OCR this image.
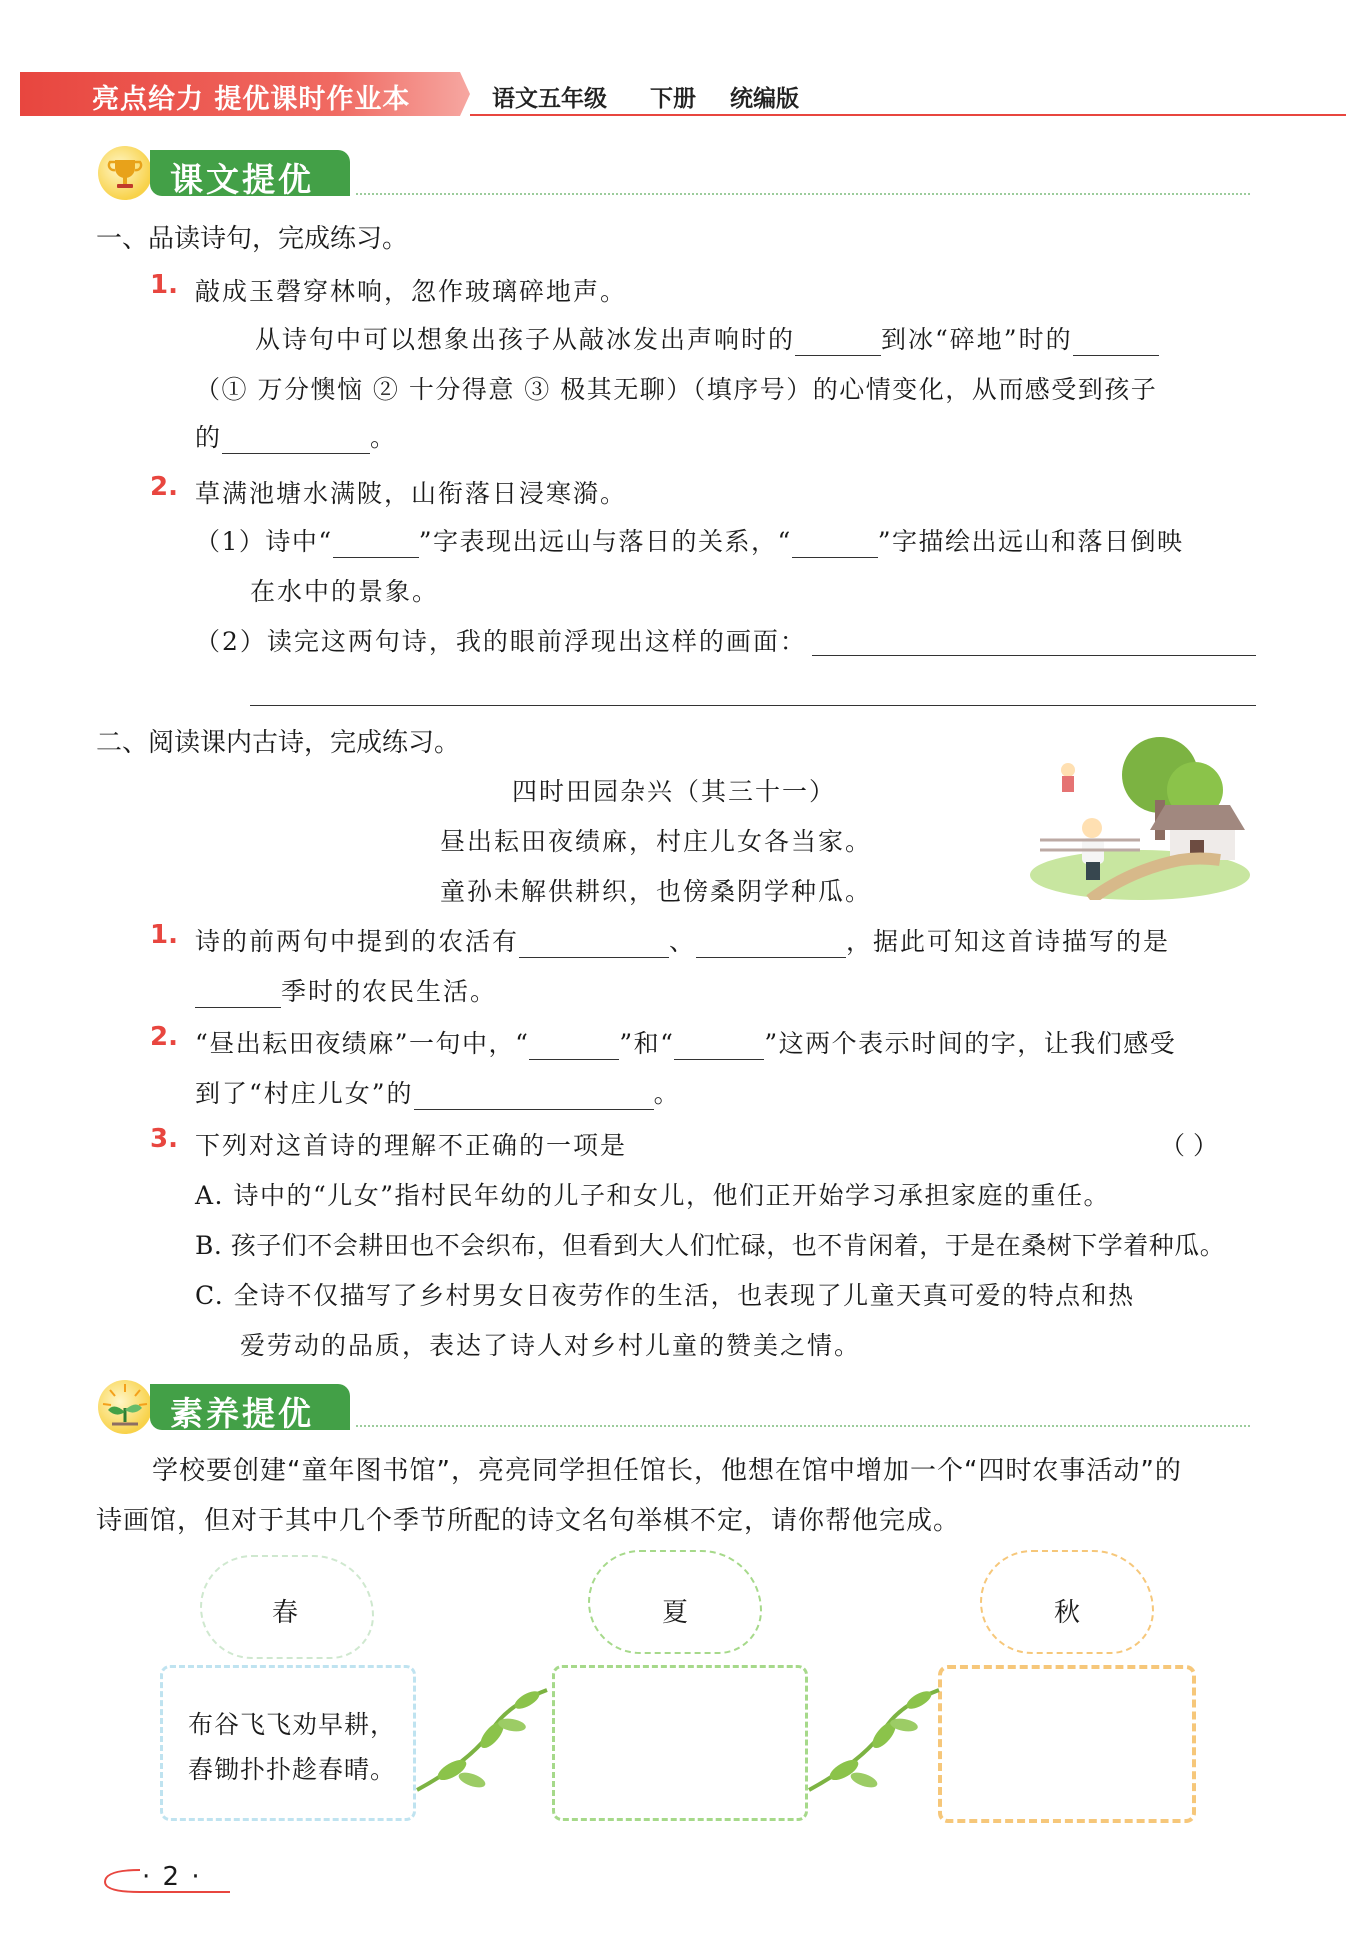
亮点给力 提优课时作业本	语文五年级 下册 统编版
课文提优
一、品读诗句，完成练习。
1. 敲成玉磬穿林响，忽作玻璃碎地声。
从诗句中可以想象出孩子从敲冰发出声响时的	到冰“碎地”时的
（① 万分懊恼 ② 十分得意 ③ 极其无聊）（填序号）的心情变化，从而感受到孩子
的	。
2. 草满池塘水满陂，山衔落日浸寒漪。
（1）诗中“	”字表现出远山与落日的关系，“	”字描绘出远山和落日倒映
在水中的景象。
（2）读完这两句诗，我的眼前浮现出这样的画面：
二、阅读课内古诗，完成练习。
四时田园杂兴（其三十一）
昼出耘田夜绩麻，村庄儿女各当家。
童孙未解供耕织，也傍桑阴学种瓜。
1. 诗的前两句中提到的农活有	、	，据此可知这首诗描写的是
季时的农民生活。
2. “昼出耘田夜绩麻”一句中，“	”和“	”这两个表示时间的字，让我们感受
到了“村庄儿女”的	。
3. 下列对这首诗的理解不正确的一项是	（ ）
A. 诗中的“儿女”指村民年幼的儿子和女儿，他们正开始学习承担家庭的重任。
B. 孩子们不会耕田也不会织布，但看到大人们忙碌，也不肯闲着，于是在桑树下学着种瓜。
C. 全诗不仅描写了乡村男女日夜劳作的生活，也表现了儿童天真可爱的特点和热
爱劳动的品质，表达了诗人对乡村儿童的赞美之情。
素养提优
学校要创建“童年图书馆”，亮亮同学担任馆长，他想在馆中增加一个“四时农事活动”的
诗画馆，但对于其中几个季节所配的诗文名句举棋不定，请你帮他完成。
春	夏	秋
布谷飞飞劝早耕，
舂锄扑扑趁春晴。
· 2 ·
